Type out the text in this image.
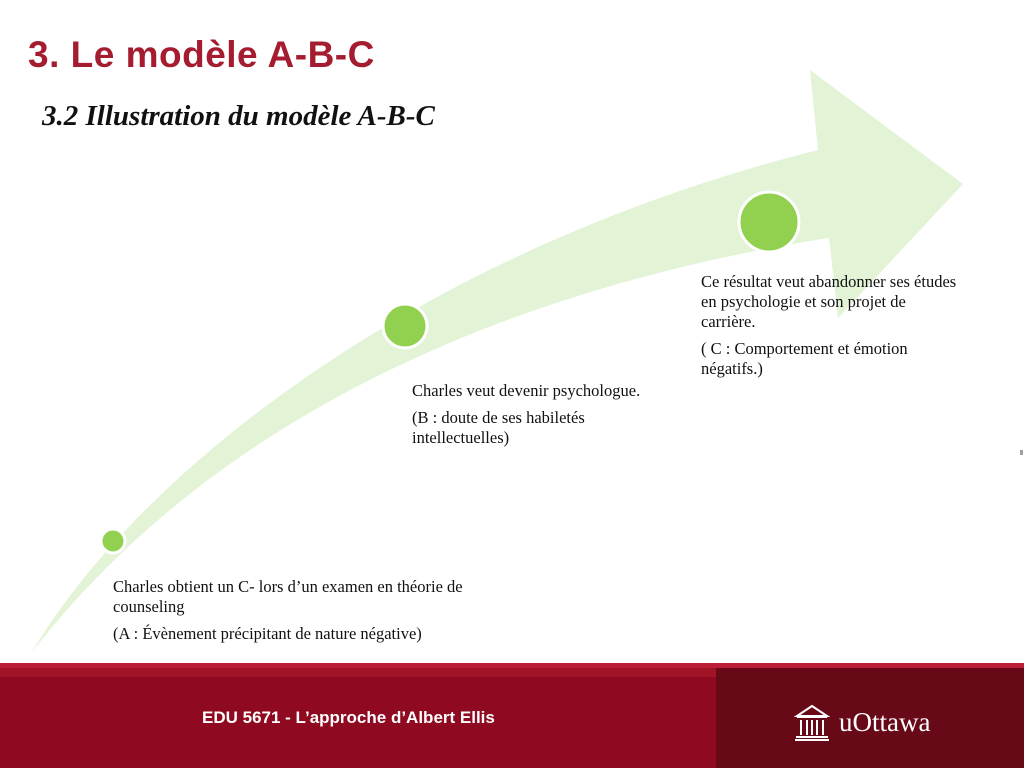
3. Le modèle A-B-C
3.2 Illustration du modèle A-B-C

Charles obtient un C- lors d’un examen en théorie de counseling

(A : Évènement précipitant de nature négative)

Charles veut devenir psychologue.

(B : doute de ses habiletés intellectuelles)

Ce résultat veut abandonner ses études en psychologie et son projet de carrière.

( C : Comportement et émotion négatifs.)

EDU 5671 - L’approche d’Albert Ellis	uOttawa
